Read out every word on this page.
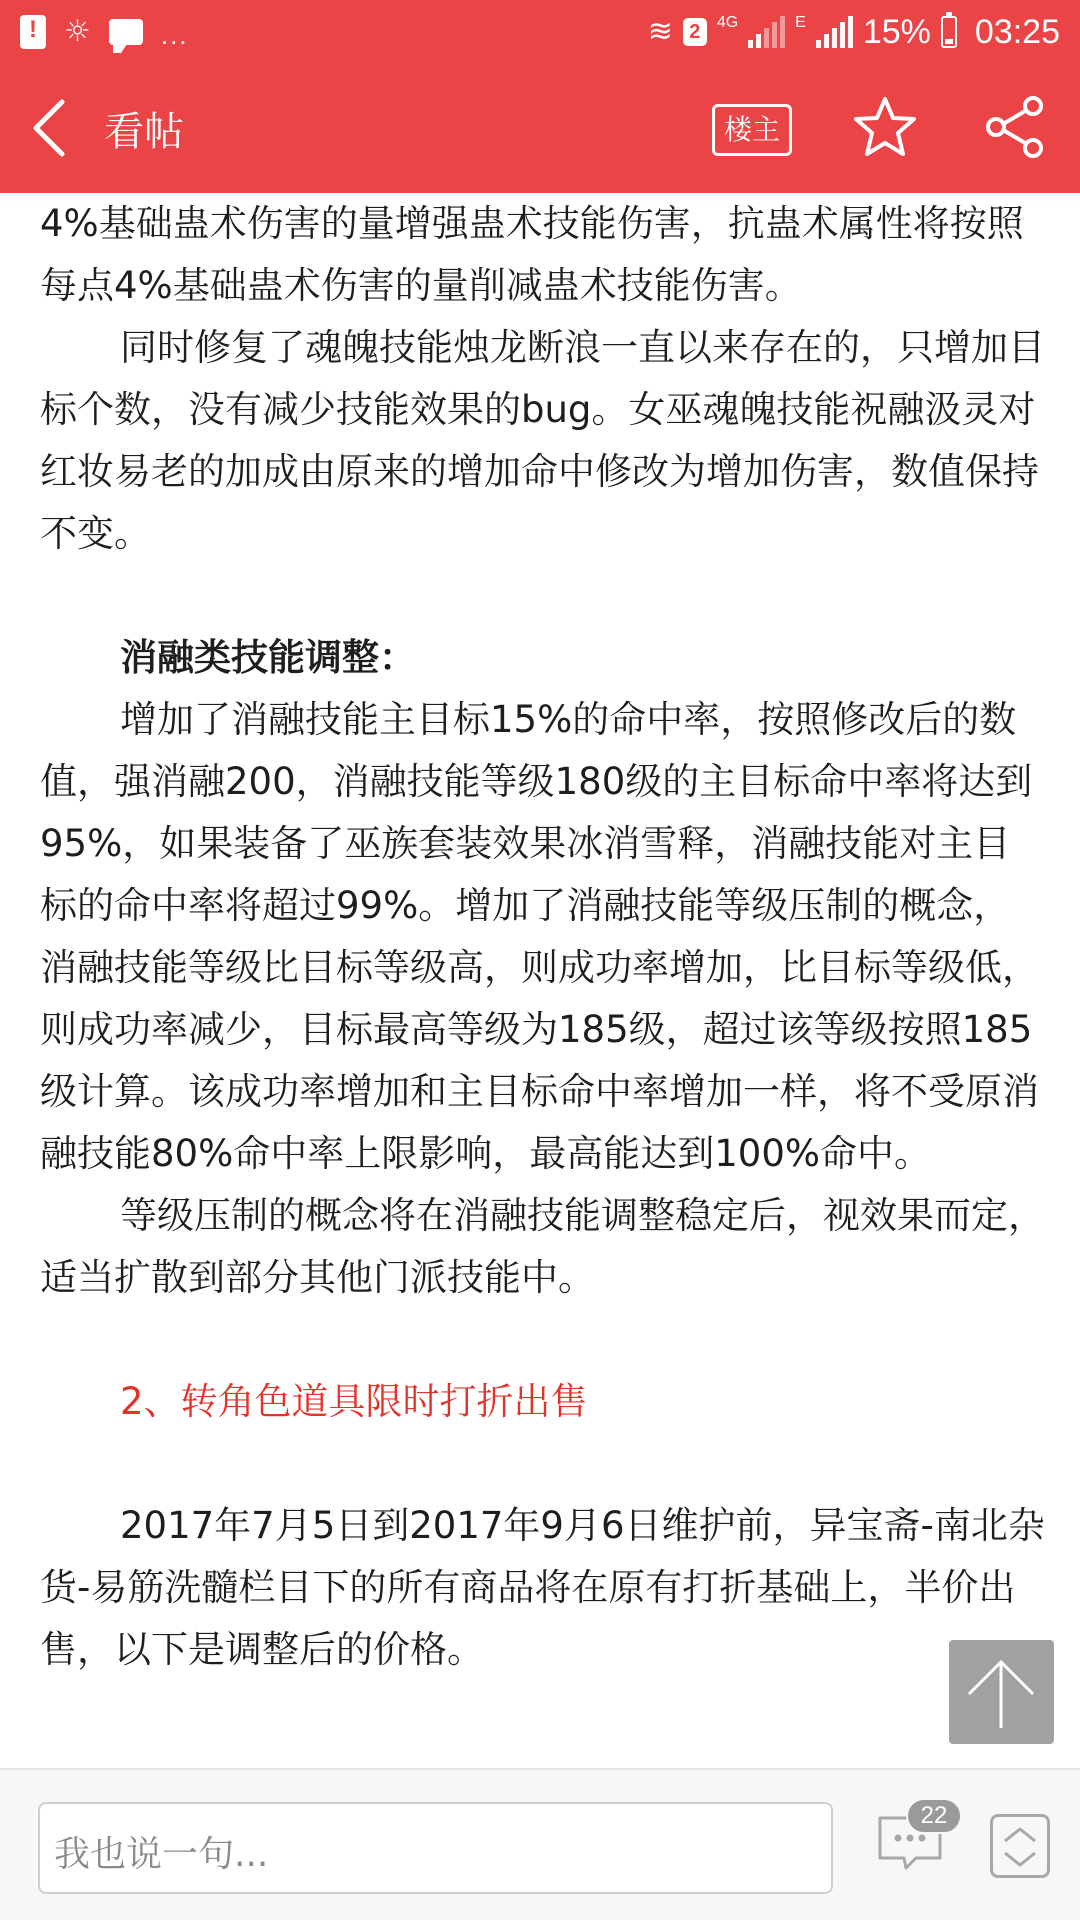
!
☼	...	≋ 2	4G	E 15% 03:25
看帖	楼主

4%基础蛊术伤害的量增强蛊术技能伤害，抗蛊术属性将按照每点4%基础蛊术伤害的量削减蛊术技能伤害。

同时修复了魂魄技能烛龙断浪一直以来存在的，只增加目标个数，没有减少技能效果的bug。女巫魂魄技能祝融汲灵对红妆易老的加成由原来的增加命中修改为增加伤害，数值保持不变。

消融类技能调整：

增加了消融技能主目标15%的命中率，按照修改后的数值，强消融200，消融技能等级180级的主目标命中率将达到95%，如果装备了巫族套装效果冰消雪释，消融技能对主目标的命中率将超过99%。增加了消融技能等级压制的概念，消融技能等级比目标等级高，则成功率增加，比目标等级低，则成功率减少，目标最高等级为185级，超过该等级按照185级计算。该成功率增加和主目标命中率增加一样，将不受原消融技能80%命中率上限影响，最高能达到100%命中。

等级压制的概念将在消融技能调整稳定后，视效果而定，适当扩散到部分其他门派技能中。

2、转角色道具限时打折出售

2017年7月5日到2017年9月6日维护前，异宝斋-南北杂货-易筋洗髓栏目下的所有商品将在原有打折基础上，半价出售，以下是调整后的价格。

我也说一句...
22
